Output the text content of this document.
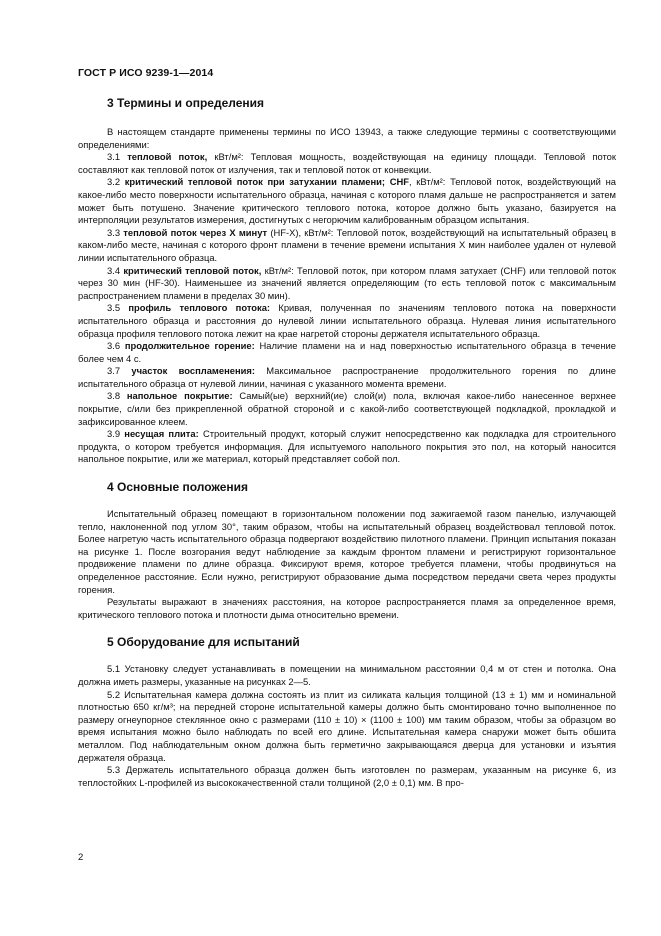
ГОСТ Р ИСО 9239-1—2014
3 Термины и определения

В настоящем стандарте применены термины по ИСО 13943, а также следующие термины с соответствующими определениями:

3.1 тепловой поток, кВт/м²: Тепловая мощность, воздействующая на единицу площади. Тепловой поток составляют как тепловой поток от излучения, так и тепловой поток от конвекции.

3.2 критический тепловой поток при затухании пламени; CHF, кВт/м²: Тепловой поток, воздействующий на какое-либо место поверхности испытательного образца, начиная с которого пламя дальше не распространяется и затем может быть потушено. Значение критического теплового потока, которое должно быть указано, базируется на интерполяции результатов измерения, достигнутых с негорючим калиброванным образцом испытания.

3.3 тепловой поток через X минут (HF-X), кВт/м²: Тепловой поток, воздействующий на испытательный образец в каком-либо месте, начиная с которого фронт пламени в течение времени испытания X мин наиболее удален от нулевой линии испытательного образца.

3.4 критический тепловой поток, кВт/м²: Тепловой поток, при котором пламя затухает (CHF) или тепловой поток через 30 мин (HF-30). Наименьшее из значений является определяющим (то есть тепловой поток с максимальным распространением пламени в пределах 30 мин).

3.5 профиль теплового потока: Кривая, полученная по значениям теплового потока на поверхности испытательного образца и расстояния до нулевой линии испытательного образца. Нулевая линия испытательного образца профиля теплового потока лежит на крае нагретой стороны держателя испытательного образца.

3.6 продолжительное горение: Наличие пламени на и над поверхностью испытательного образца в течение более чем 4 с.

3.7 участок воспламенения: Максимальное распространение продолжительного горения по длине испытательного образца от нулевой линии, начиная с указанного момента времени.

3.8 напольное покрытие: Самый(ые) верхний(ие) слой(и) пола, включая какое-либо нанесенное верхнее покрытие, с/или без прикрепленной обратной стороной и с какой-либо соответствующей подкладкой, прокладкой и зафиксированное клеем.

3.9 несущая плита: Строительный продукт, который служит непосредственно как подкладка для строительного продукта, о котором требуется информация. Для испытуемого напольного покрытия это пол, на который наносится напольное покрытие, или же материал, который представляет собой пол.

4 Основные положения

Испытательный образец помещают в горизонтальном положении под зажигаемой газом панелью, излучающей тепло, наклоненной под углом 30°, таким образом, чтобы на испытательный образец воздействовал тепловой поток. Более нагретую часть испытательного образца подвергают воздействию пилотного пламени. Принцип испытания показан на рисунке 1. После возгорания ведут наблюдение за каждым фронтом пламени и регистрируют горизонтальное продвижение пламени по длине образца. Фиксируют время, которое требуется пламени, чтобы продвинуться на определенное расстояние. Если нужно, регистрируют образование дыма посредством передачи света через продукты горения.

Результаты выражают в значениях расстояния, на которое распространяется пламя за определенное время, критического теплового потока и плотности дыма относительно времени.

5 Оборудование для испытаний

5.1 Установку следует устанавливать в помещении на минимальном расстоянии 0,4 м от стен и потолка. Она должна иметь размеры, указанные на рисунках 2—5.

5.2 Испытательная камера должна состоять из плит из силиката кальция толщиной (13 ± 1) мм и номинальной плотностью 650 кг/м³; на передней стороне испытательной камеры должно быть смонтировано точно выполненное по размеру огнеупорное стеклянное окно с размерами (110 ± 10) × (1100 ± 100) мм таким образом, чтобы за образцом во время испытания можно было наблюдать по всей его длине. Испытательная камера снаружи может быть обшита металлом. Под наблюдательным окном должна быть герметично закрывающаяся дверца для установки и изъятия держателя образца.

5.3 Держатель испытательного образца должен быть изготовлен по размерам, указанным на рисунке 6, из теплостойких L-профилей из высококачественной стали толщиной (2,0 ± 0,1) мм. В про-

2
